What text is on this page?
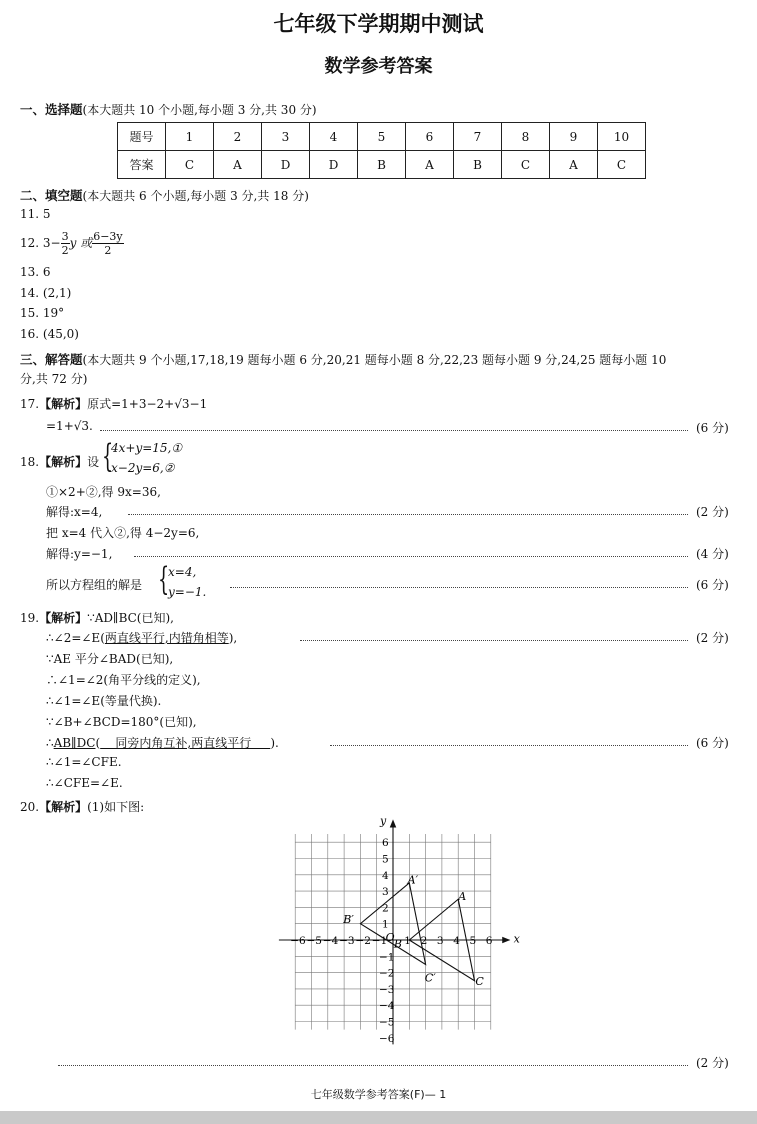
七年级下学期期中测试
数学参考答案
一、选择题(本大题共 10 个小题,每小题 3 分,共 30 分)
题号	1	2	3	4	5	6	7	8	9	10
答案	C	A	D	D	B	A	B	C	A	C
二、填空题(本大题共 6 个小题,每小题 3 分,共 18 分)
11. 5
12. $3- \frac{3}{2}$ y 或 $\frac{6-3y}{2}$
13. 6
14. (2,1)
15. 19°
16. (45,0)
三、解答题(本大题共 9 个小题,17,18,19 题每小题 6 分,20,21 题每小题 8 分,22,23 题每小题 9 分,24,25 题每小题 10
分,共 72 分)
17.【解析】原式=1+3−2+√3−1
=1+√3.	(6 分)
18.【解析】设 {
4x+y=15,①
x−2y=6,②
①×2+②,得 9x=36,
解得:x=4,	(2 分)
把 x=4 代入②,得 4−2y=6,
解得:y=−1,	(4 分)
所以方程组的解是 {
x=4,
y=−1.	(6 分)
19.【解析】∵AD∥BC(已知),
∴∠2=∠E(两直线平行,内错角相等),	(2 分)
∵AE 平分∠BAD(已知),
∴∠1=∠2(角平分线的定义),
∴∠1=∠E(等量代换).
∵∠B+∠BCD=180°(已知),
∴AB∥DC(    同旁内角互补,两直线平行     ).	(6 分)
∴∠1=∠CFE.
∴∠CFE=∠E.
20.【解析】(1)如下图:
x
y
O
−6 −5 −4 −3 −2 −1 1 2 3 4 5 6
6
5
4
3
2
1
−1
−2
−3
−4
−5
−6
A
B
C
A′
B′
C′
(2 分)
七年级数学参考答案(F)— 1
